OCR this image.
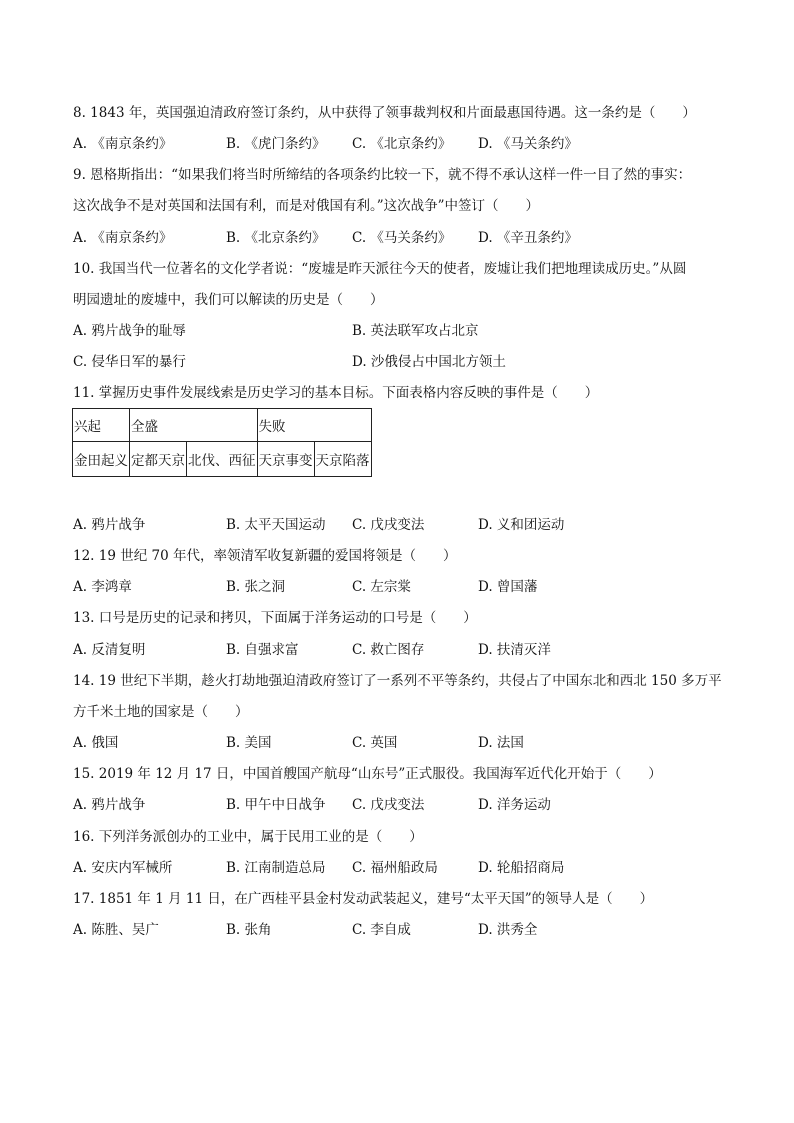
8. 1843 年，英国强迫清政府签订条约，从中获得了领事裁判权和片面最惠国待遇。这一条约是（　　）
A. 《南京条约》	B. 《虎门条约》 C. 《北京条约》 D. 《马关条约》
9. 恩格斯指出：“如果我们将当时所缔结的各项条约比较一下，就不得不承认这样一件一目了然的事实：
这次战争不是对英国和法国有利，而是对俄国有利。”这次战争”中签订（　　）
A. 《南京条约》	B. 《北京条约》 C. 《马关条约》 D. 《辛丑条约》
10. 我国当代一位著名的文化学者说：“废墟是昨天派往今天的使者，废墟让我们把地理读成历史。”从圆
明园遗址的废墟中，我们可以解读的历史是（　　）
A. 鸦片战争的耻辱	B. 英法联军攻占北京
C. 侵华日军的暴行	D. 沙俄侵占中国北方领土
11. 掌握历史事件发展线索是历史学习的基本目标。下面表格内容反映的事件是（　　）
兴起	全盛		失败	
金田起义	定都天京	北伐、西征	天京事变	天京陷落
A. 鸦片战争	B. 太平天国运动 C. 戊戌变法	D. 义和团运动
12. 19 世纪 70 年代，率领清军收复新疆的爱国将领是（　　）
A. 李鸿章	B. 张之洞	C. 左宗棠	D. 曾国藩
13. 口号是历史的记录和拷贝，下面属于洋务运动的口号是（　　）
A. 反清复明	B. 自强求富	C. 救亡图存	D. 扶清灭洋
14. 19 世纪下半期，趁火打劫地强迫清政府签订了一系列不平等条约，共侵占了中国东北和西北 150 多万平
方千米土地的国家是（　　）
A. 俄国	B. 美国	C. 英国	D. 法国
15. 2019 年 12 月 17 日，中国首艘国产航母“山东号”正式服役。我国海军近代化开始于（　　）
A. 鸦片战争	B. 甲午中日战争 C. 戊戌变法	D. 洋务运动
16. 下列洋务派创办的工业中，属于民用工业的是（　　）
A. 安庆内军械所	B. 江南制造总局 C. 福州船政局	D. 轮船招商局
17. 1851 年 1 月 11 日，在广西桂平县金村发动武装起义，建号“太平天国”的领导人是（　　）
A. 陈胜、吴广	B. 张角	C. 李自成	D. 洪秀全
